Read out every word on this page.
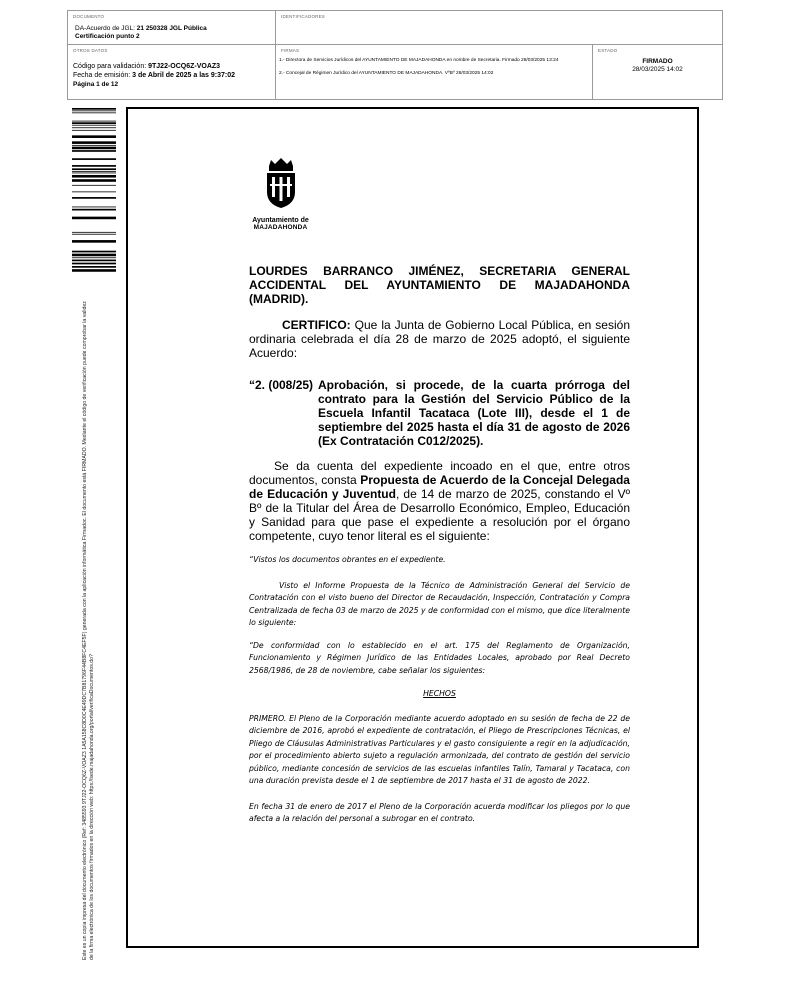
DOCUMENTO
DA-Acuerdo de JGL: 21 250328 JGL Pública
Certificación punto 2
IDENTIFICADORES
OTROS DATOS
Código para validación: 9TJ22-OCQ6Z-VOAZ3
Fecha de emisión: 3 de Abril de 2025 a las 9:37:02
Página 1 de 12
FIRMAS
1.- Directora de Servicios Jurídicos del AYUNTAMIENTO DE MAJADAHONDA en nombre de Secretaria. Firmado 28/03/2025 13:24
2.- Concejal de Régimen Jurídico del AYUNTAMIENTO DE MAJADAHONDA. VºBº 28/03/2025 14:02
ESTADO
FIRMADO
28/03/2025 14:02
Este es un copia impresa del documento electrónico (Ref: 3485593 9TJ22-OCQ6Z-VOAZ3 1A5A158C8D0C4E49DC7B81796F44B8FC4EF5F) generada con la aplicación informática Firmadoc. El documento está FIRMADO. Mediante el código de verificación puede comprobar la validez de la firma electrónica de los documentos firmados en la dirección web: https://sede.majadahonda.org/portal/verificaDocumentos.do?
Ayuntamiento de
MAJADAHONDA
LOURDES BARRANCO JIMÉNEZ, SECRETARIA GENERAL
ACCIDENTAL DEL AYUNTAMIENTO DE MAJADAHONDA (MADRID).
CERTIFICO: Que la Junta de Gobierno Local Pública, en sesión ordinaria celebrada el día 28 de marzo de 2025 adoptó, el siguiente Acuerdo:
“2. (008/25) Aprobación, si procede, de la cuarta prórroga del contrato para la Gestión del Servicio Público de la Escuela Infantil Tacataca (Lote III), desde el 1 de septiembre del 2025 hasta el día 31 de agosto de 2026 (Ex Contratación C012/2025).
Se da cuenta del expediente incoado en el que, entre otros documentos, consta Propuesta de Acuerdo de la Concejal Delegada de Educación y Juventud, de 14 de marzo de 2025, constando el Vº Bº de la Titular del Área de Desarrollo Económico, Empleo, Educación y Sanidad para que pase el expediente a resolución por el órgano competente, cuyo tenor literal es el siguiente:
“Vistos los documentos obrantes en el expediente.
Visto el Informe Propuesta de la Técnico de Administración General del Servicio de Contratación con el visto bueno del Director de Recaudación, Inspección, Contratación y Compra Centralizada de fecha 03 de marzo de 2025 y de conformidad con el mismo, que dice literalmente lo siguiente:
“De conformidad con lo establecido en el art. 175 del Reglamento de Organización, Funcionamiento y Régimen Jurídico de las Entidades Locales, aprobado por Real Decreto 2568/1986, de 28 de noviembre, cabe señalar los siguientes:
HECHOS
PRIMERO. El Pleno de la Corporación mediante acuerdo adoptado en su sesión de fecha de 22 de diciembre de 2016, aprobó el expediente de contratación, el Pliego de Prescripciones Técnicas, el Pliego de Cláusulas Administrativas Particulares y el gasto consiguiente a regir en la adjudicación, por el procedimiento abierto sujeto a regulación armonizada, del contrato de gestión del servicio público, mediante concesión de servicios de las escuelas infantiles Talín, Tamaral y Tacataca, con una duración prevista desde el 1 de septiembre de 2017 hasta el 31 de agosto de 2022.
En fecha 31 de enero de 2017 el Pleno de la Corporación acuerda modificar los pliegos por lo que afecta a la relación del personal a subrogar en el contrato.
